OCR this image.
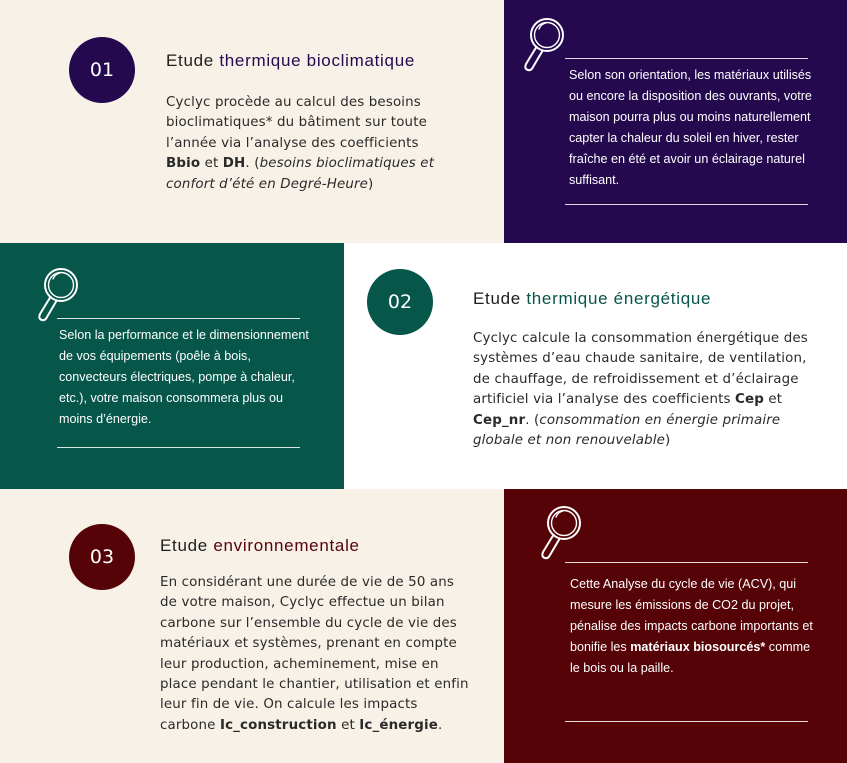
01	Etude thermique bioclimatique

Cyclyc procède au calcul des besoins bioclimatiques* du bâtiment sur toute l’année via l’analyse des coefficients Bbio et DH. (besoins bioclimatiques et confort d’été en Degré-Heure)

Selon son orientation, les matériaux utilisés ou encore la disposition des ouvrants, votre maison pourra plus ou moins naturellement capter la chaleur du soleil en hiver, rester fraîche en été et avoir un éclairage naturel suffisant.

Selon la performance et le dimensionnement de vos équipements (poêle à bois, convecteurs électriques, pompe à chaleur, etc.), votre maison consommera plus ou moins d’énergie.

02	Etude thermique énergétique

Cyclyc calcule la consommation énergétique des systèmes d’eau chaude sanitaire, de ventilation, de chauffage, de refroidissement et d’éclairage artificiel via l’analyse des coefficients Cep et Cep_nr. (consommation en énergie primaire globale et non renouvelable)

03
Etude environnementale

En considérant une durée de vie de 50 ans de votre maison, Cyclyc effectue un bilan carbone sur l’ensemble du cycle de vie des matériaux et systèmes, prenant en compte leur production, acheminement, mise en place pendant le chantier, utilisation et enfin leur fin de vie. On calcule les impacts carbone Ic_construction et Ic_énergie.

Cette Analyse du cycle de vie (ACV), qui mesure les émissions de CO2 du projet, pénalise des impacts carbone importants et bonifie les matériaux biosourcés* comme le bois ou la paille.
